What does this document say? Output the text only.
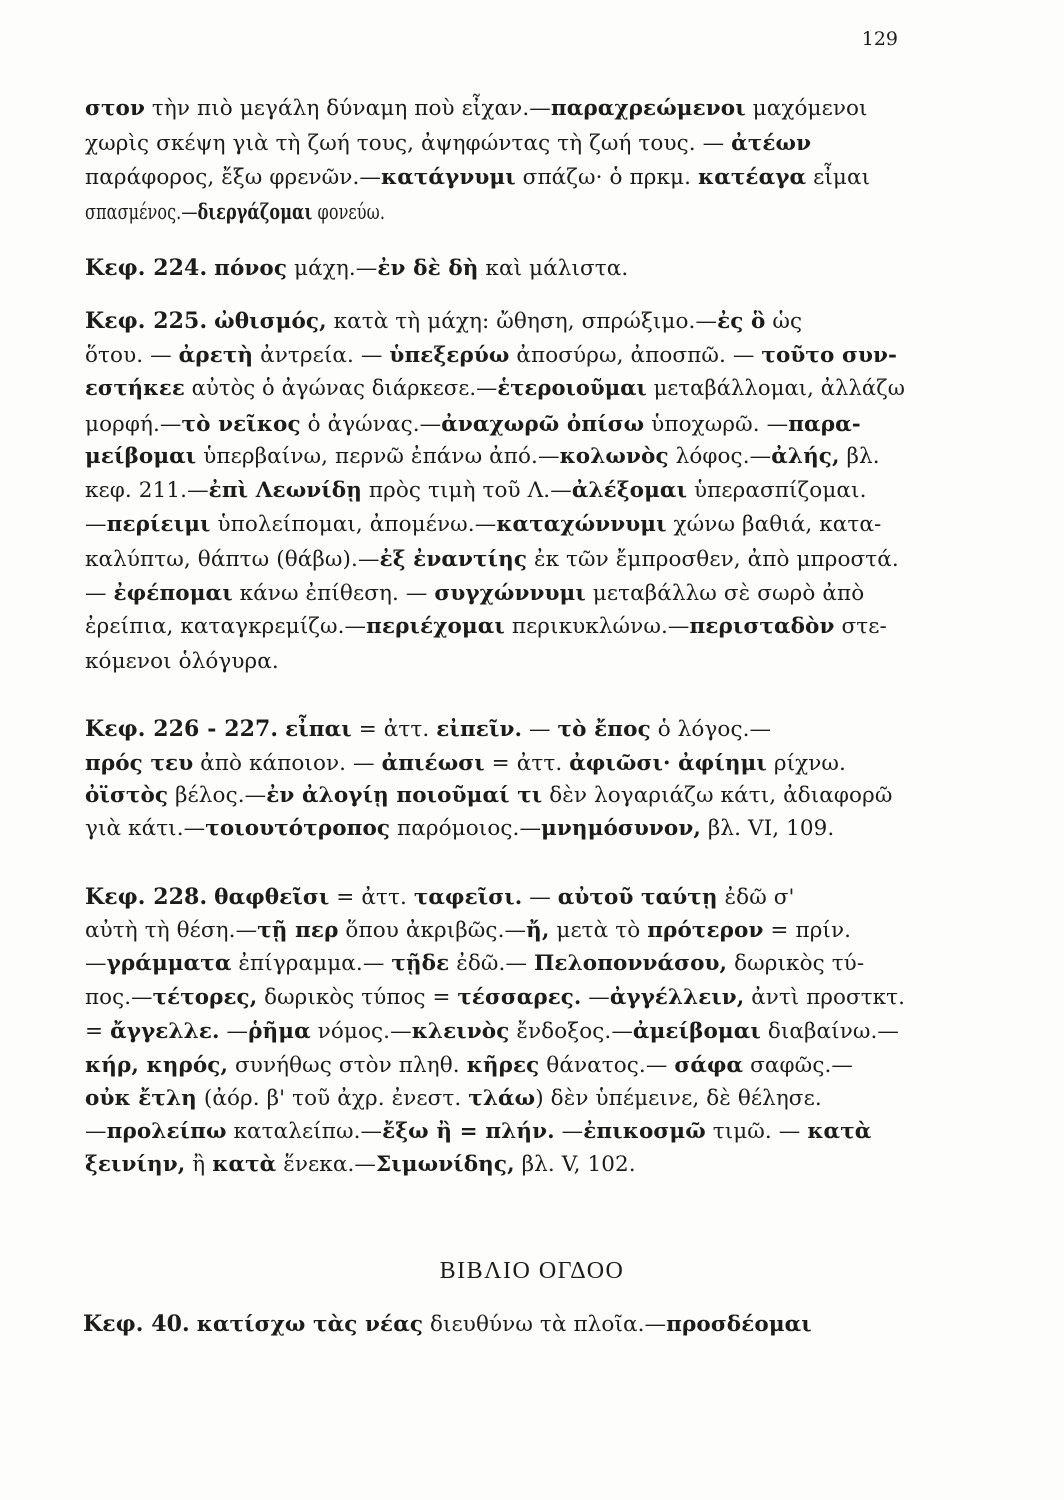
129
στον τὴν πιὸ μεγάλη δύναμη ποὺ εἶχαν.—παραχρεώμενοι μαχόμενοι
χωρὶς σκέψη γιὰ τὴ ζωή τους, ἀψηφώντας τὴ ζωή τους. — ἀτέων
παράφορος, ἔξω φρενῶν.—κατάγνυμι σπάζω· ὁ πρκμ. κατέαγα εἶμαι
σπασμένος.—διεργάζομαι φονεύω.
Κεφ. 224. πόνος μάχη.—ἐν δὲ δὴ καὶ μάλιστα.
Κεφ. 225. ὠθισμός, κατὰ τὴ μάχη: ὤθηση, σπρώξιμο.—ἐς ὃ ὡς
ὅτου. — ἀρετὴ ἀντρεία. — ὑπεξερύω ἀποσύρω, ἀποσπῶ. — τοῦτο συν-
εστήκεε αὐτὸς ὁ ἀγώνας διάρκεσε.—ἑτεροιοῦμαι μεταβάλλομαι, ἀλλάζω
μορφή.—τὸ νεῖκος ὁ ἀγώνας.—ἀναχωρῶ ὀπίσω ὑποχωρῶ. —παρα-
μείβομαι ὑπερβαίνω, περνῶ ἐπάνω ἀπό.—κολωνὸς λόφος.—ἀλής, βλ.
κεφ. 211.—ἐπὶ Λεωνίδῃ πρὸς τιμὴ τοῦ Λ.—ἀλέξομαι ὑπερασπίζομαι.
—περίειμι ὑπολείπομαι, ἀπομένω.—καταχώννυμι χώνω βαθιά, κατα-
καλύπτω, θάπτω (θάβω).—ἐξ ἐναντίης ἐκ τῶν ἔμπροσθεν, ἀπὸ μπροστά.
— ἐφέπομαι κάνω ἐπίθεση. — συγχώννυμι μεταβάλλω σὲ σωρὸ ἀπὸ
ἐρείπια, καταγκρεμίζω.—περιέχομαι περικυκλώνω.—περισταδὸν στε-
κόμενοι ὁλόγυρα.
Κεφ. 226 - 227. εἶπαι = ἀττ. εἰπεῖν. — τὸ ἔπος ὁ λόγος.—
πρός τευ ἀπὸ κάποιον. — ἀπιέωσι = ἀττ. ἀφιῶσι· ἀφίημι ρίχνω.
ὀϊστὸς βέλος.—ἐν ἀλογίῃ ποιοῦμαί τι δὲν λογαριάζω κάτι, ἀδιαφορῶ
γιὰ κάτι.—τοιουτότροπος παρόμοιος.—μνημόσυνον, βλ. VI, 109.
Κεφ. 228. θαφθεῖσι = ἀττ. ταφεῖσι. — αὐτοῦ ταύτῃ ἐδῶ σ'
αὐτὴ τὴ θέση.—τῇ περ ὅπου ἀκριβῶς.—ἤ, μετὰ τὸ πρότερον = πρίν.
—γράμματα ἐπίγραμμα.— τῇδε ἐδῶ.— Πελοποννάσου, δωρικὸς τύ-
πος.—τέτορες, δωρικὸς τύπος = τέσσαρες. —ἀγγέλλειν, ἀντὶ προστκτ.
= ἄγγελλε. —ῥῆμα νόμος.—κλεινὸς ἔνδοξος.—ἀμείβομαι διαβαίνω.—
κήρ, κηρός, συνήθως στὸν πληθ. κῆρες θάνατος.— σάφα σαφῶς.—
οὐκ ἔτλη (ἀόρ. β' τοῦ ἀχρ. ἐνεστ. τλάω) δὲν ὑπέμεινε, δὲ θέλησε.
—προλείπω καταλείπω.—ἔξω ἢ = πλήν. —ἐπικοσμῶ τιμῶ. — κατὰ
ξεινίην, ἢ κατὰ ἕνεκα.—Σιμωνίδης, βλ. V, 102.
Κεφ. 40. κατίσχω τὰς νέας διευθύνω τὰ πλοῖα.—προσδέομαι
ΒΙΒΛΙΟ ΟΓΔΟΟ
